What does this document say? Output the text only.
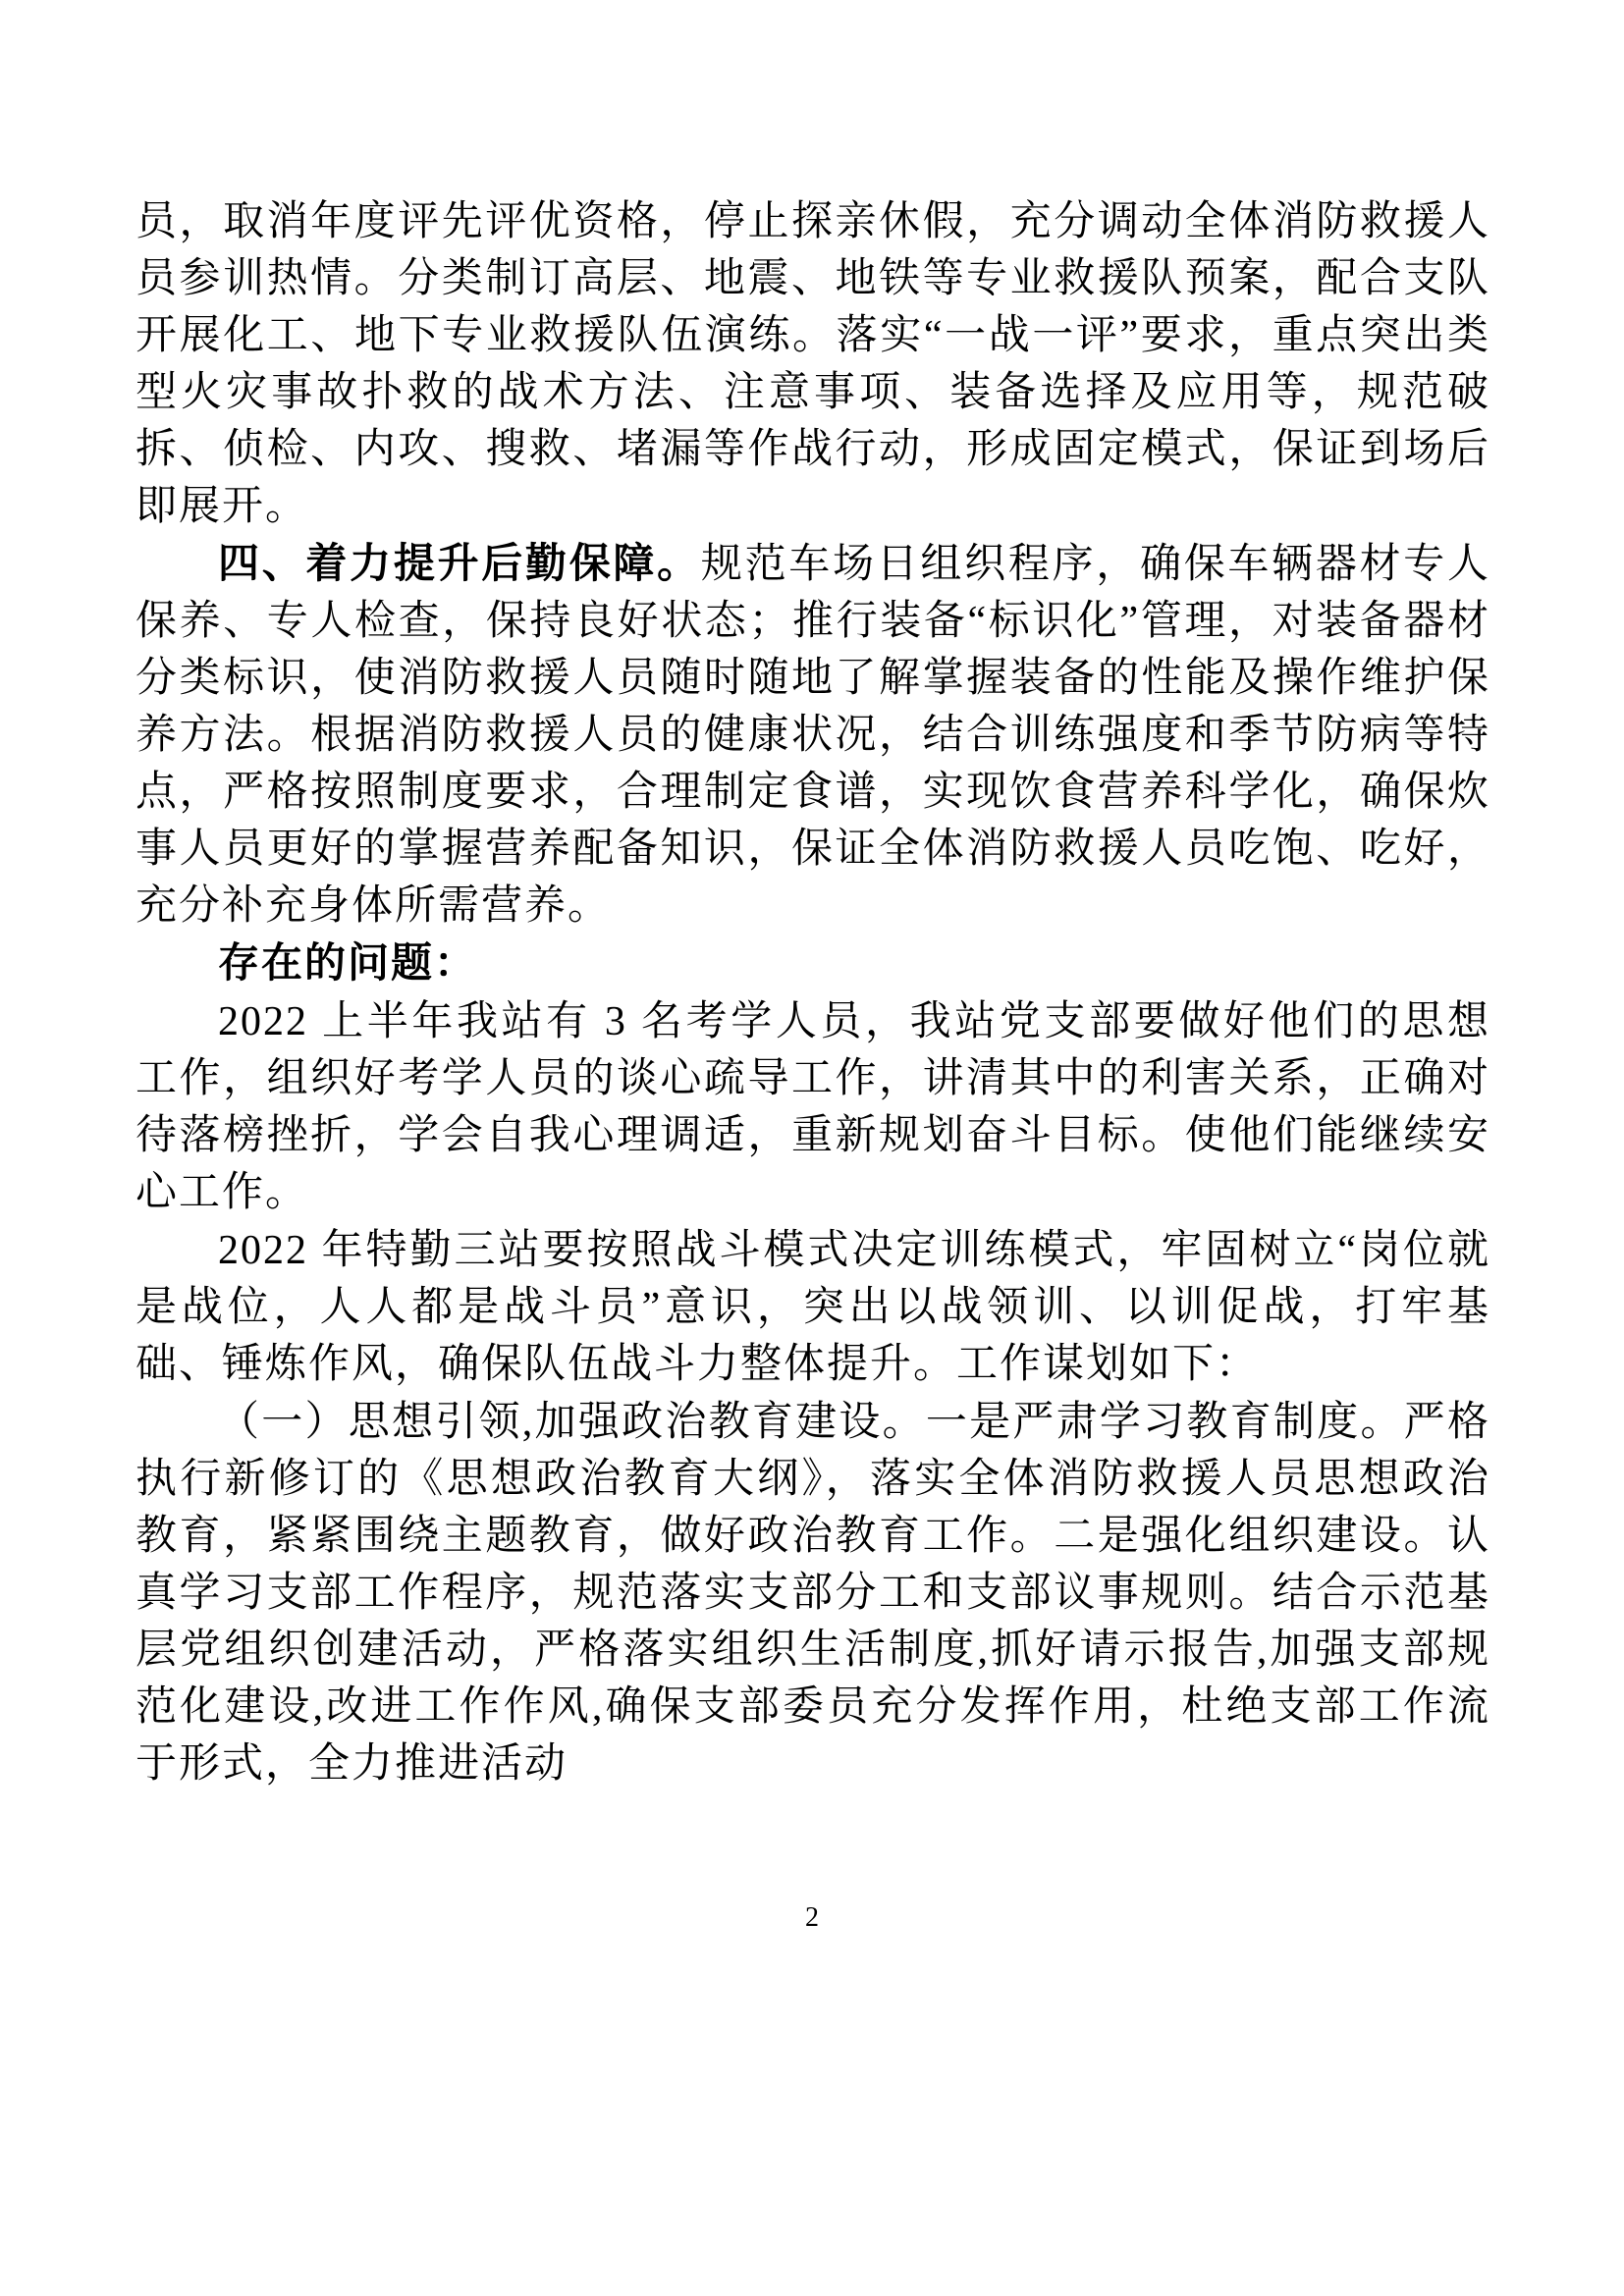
员，取消年度评先评优资格，停止探亲休假，充分调动全体消防救援人员参训热情。分类制订高层、地震、地铁等专业救援队预案，配合支队开展化工、地下专业救援队伍演练。落实“一战一评”要求，重点突出类型火灾事故扑救的战术方法、注意事项、装备选择及应用等，规范破拆、侦检、内攻、搜救、堵漏等作战行动，形成固定模式，保证到场后即展开。

四、着力提升后勤保障。规范车场日组织程序，确保车辆器材专人保养、专人检查，保持良好状态；推行装备“标识化”管理，对装备器材分类标识，使消防救援人员随时随地了解掌握装备的性能及操作维护保养方法。根据消防救援人员的健康状况，结合训练强度和季节防病等特点，严格按照制度要求，合理制定食谱，实现饮食营养科学化，确保炊事人员更好的掌握营养配备知识，保证全体消防救援人员吃饱、吃好，充分补充身体所需营养。

存在的问题：

2022 上半年我站有 3 名考学人员，我站党支部要做好他们的思想工作，组织好考学人员的谈心疏导工作，讲清其中的利害关系，正确对待落榜挫折，学会自我心理调适，重新规划奋斗目标。使他们能继续安心工作。

2022 年特勤三站要按照战斗模式决定训练模式，牢固树立“岗位就是战位，人人都是战斗员”意识，突出以战领训、以训促战，打牢基础、锤炼作风，确保队伍战斗力整体提升。工作谋划如下：

（一）思想引领,加强政治教育建设。一是严肃学习教育制度。严格执行新修订的《思想政治教育大纲》，落实全体消防救援人员思想政治教育，紧紧围绕主题教育，做好政治教育工作。二是强化组织建设。认真学习支部工作程序，规范落实支部分工和支部议事规则。结合示范基层党组织创建活动，严格落实组织生活制度,抓好请示报告,加强支部规范化建设,改进工作作风,确保支部委员充分发挥作用，杜绝支部工作流于形式，全力推进活动

2
